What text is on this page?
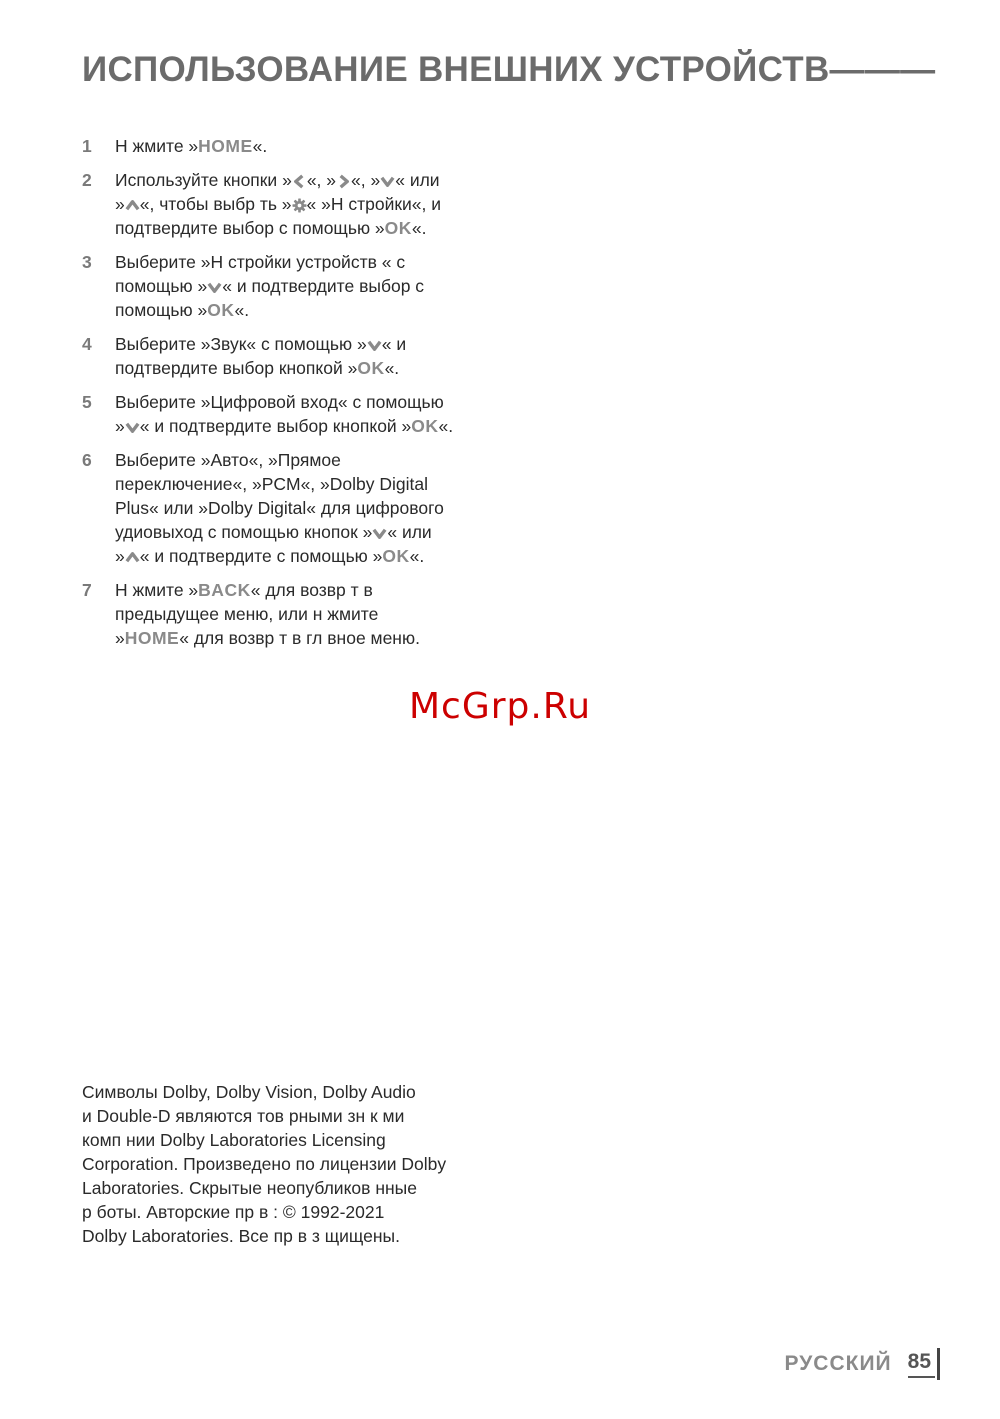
ИСПОЛЬЗОВАНИЕ ВНЕШНИХ УСТРОЙСТВ———
1 Н жмите »HOME«.
2 Используйте кнопки » «, » «, » « или
» «, чтобы выбр ть » « »Н стройки«, и
подтвердите выбор с помощью »OK«.
3 Выберите »Н стройки устройств « с
помощью » « и подтвердите выбор с
помощью »OK«.
4 Выберите »Звук« с помощью » « и
подтвердите выбор кнопкой »OK«.
5 Выберите »Цифровой вход« с помощью
» « и подтвердите выбор кнопкой »OK«.
6 Выберите »Авто«, »Прямое
переключение«, »PCM«, »Dolby Digital
Plus« или »Dolby Digital« для цифрового
удиовыход с помощью кнопок » « или
» « и подтвердите с помощью »OK«.
7 Н жмите »BACK« для возвр т в
предыдущее меню, или н жмите
»HOME« для возвр т в гл вное меню.
McGrp.Ru
Символы Dolby, Dolby Vision, Dolby Audio
и Double-D являются тов рными зн к ми
комп нии Dolby Laboratories Licensing
Corporation. Произведено по лицензии Dolby
Laboratories. Скрытые неопубликов нные
р боты. Авторские пр в : © 1992-2021
Dolby Laboratories. Все пр в з щищены.
РУССКИЙ 85
